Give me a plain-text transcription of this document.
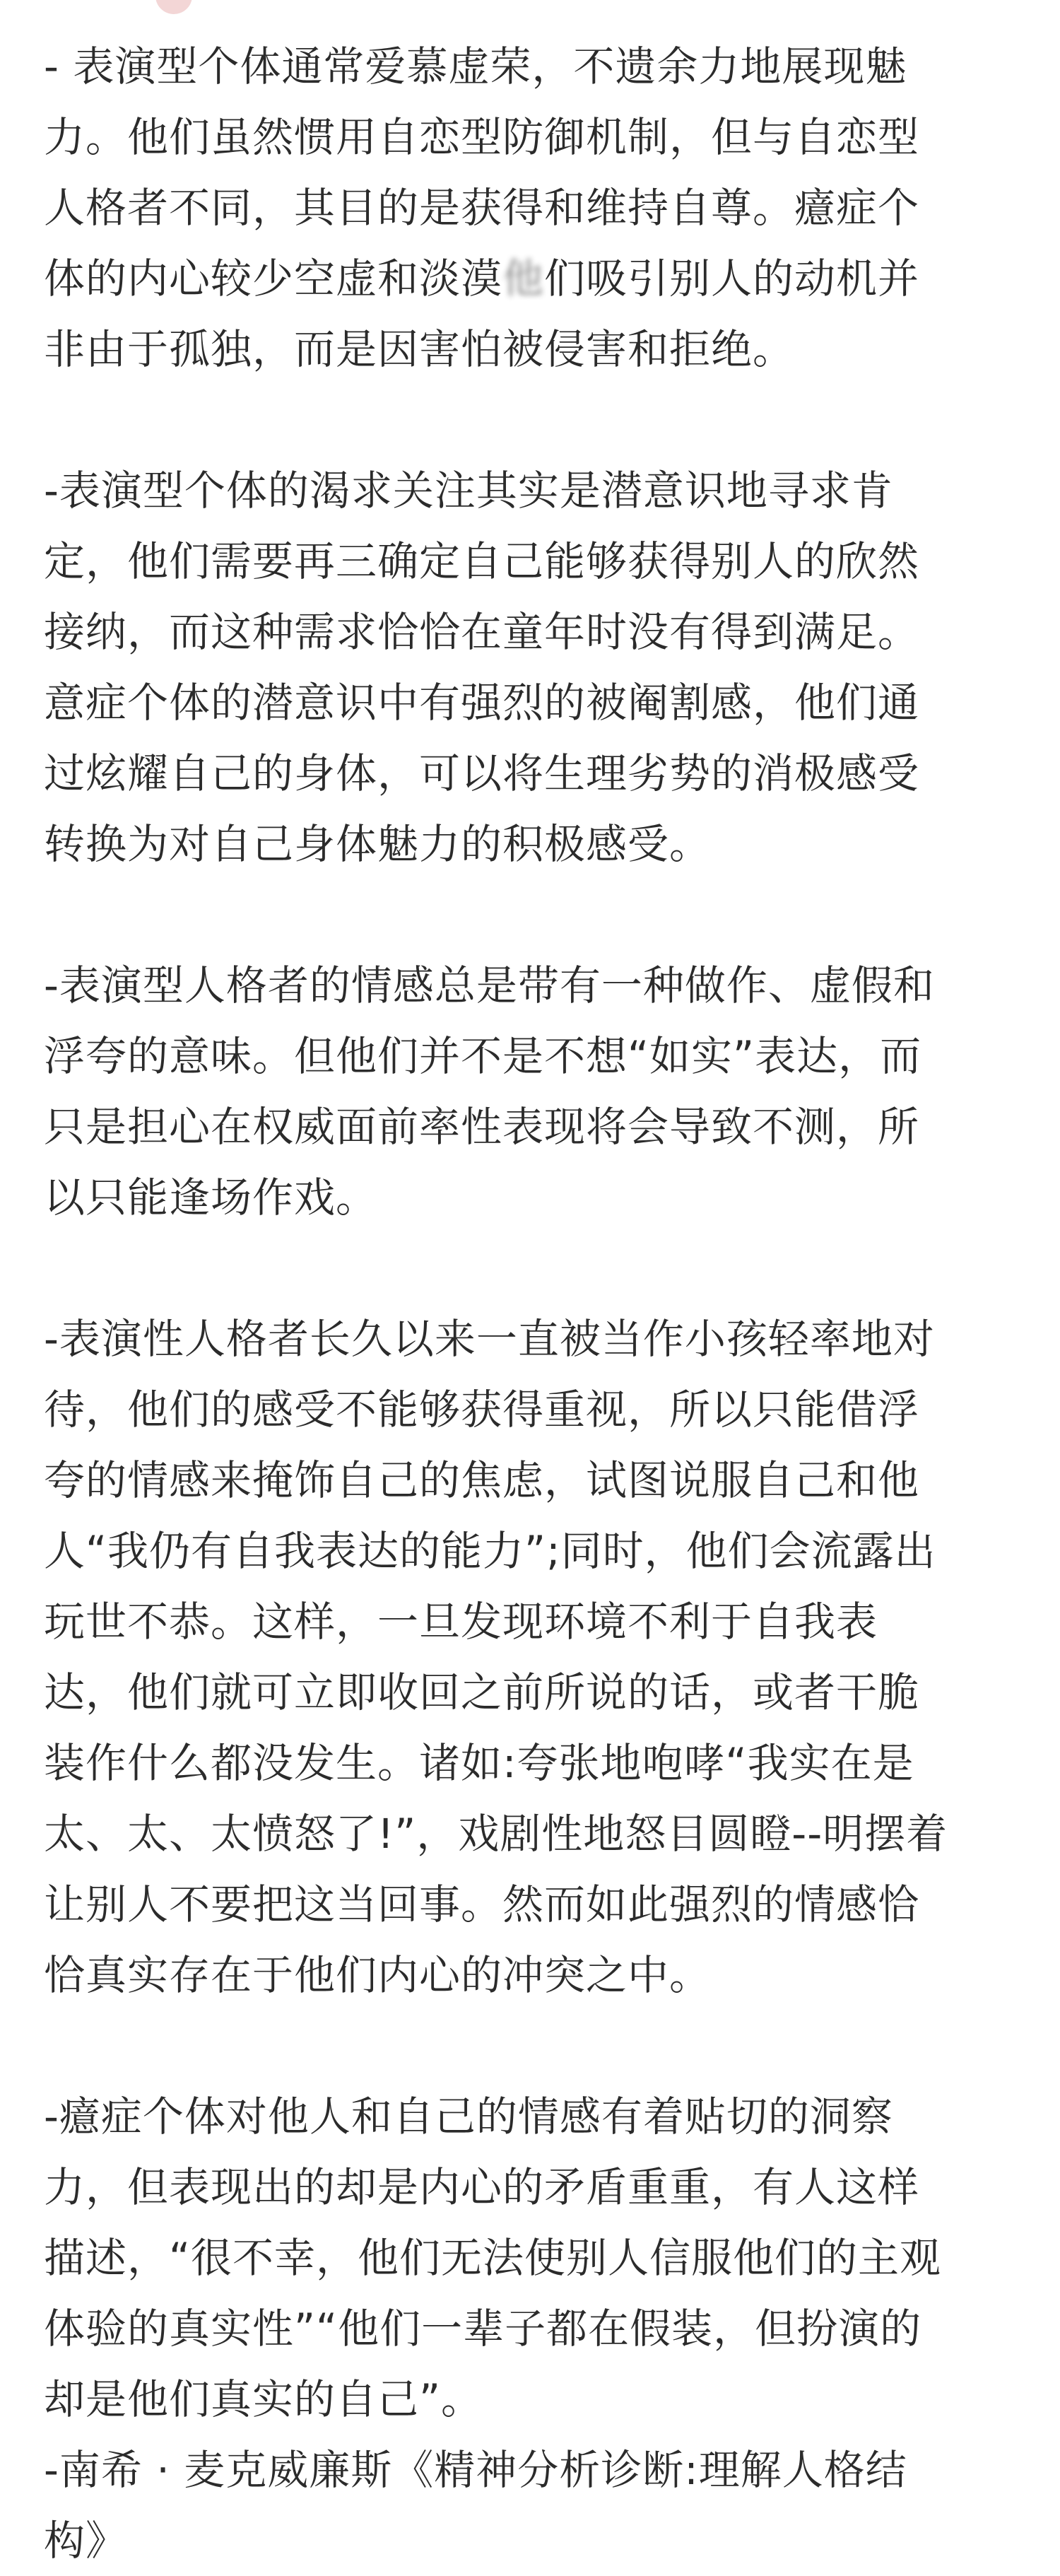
- 表演型个体通常爱慕虚荣，不遗余力地展现魅
力。他们虽然惯用自恋型防御机制，但与自恋型
人格者不同，其目的是获得和维持自尊。癔症个
体的内心较少空虚和淡漠他们吸引别人的动机并
非由于孤独，而是因害怕被侵害和拒绝。
-表演型个体的渴求关注其实是潜意识地寻求肯
定，他们需要再三确定自己能够获得别人的欣然
接纳，而这种需求恰恰在童年时没有得到满足。
意症个体的潜意识中有强烈的被阉割感，他们通
过炫耀自己的身体，可以将生理劣势的消极感受
转换为对自己身体魅力的积极感受。
-表演型人格者的情感总是带有一种做作、虚假和
浮夸的意味。但他们并不是不想“如实”表达，而
只是担心在权威面前率性表现将会导致不测，所
以只能逢场作戏。
-表演性人格者长久以来一直被当作小孩轻率地对
待，他们的感受不能够获得重视，所以只能借浮
夸的情感来掩饰自己的焦虑，试图说服自己和他
人“我仍有自我表达的能力”;同时，他们会流露出
玩世不恭。这样，一旦发现环境不利于自我表
达，他们就可立即收回之前所说的话，或者干脆
装作什么都没发生。诸如:夸张地咆哮“我实在是
太、太、太愤怒了!”，戏剧性地怒目圆瞪--明摆着
让别人不要把这当回事。然而如此强烈的情感恰
恰真实存在于他们内心的冲突之中。
-癔症个体对他人和自己的情感有着贴切的洞察
力，但表现出的却是内心的矛盾重重，有人这样
描述，“很不幸，他们无法使别人信服他们的主观
体验的真实性”“他们一辈子都在假装，但扮演的
却是他们真实的自己”。
-南希 · 麦克威廉斯《精神分析诊断:理解人格结
构》
